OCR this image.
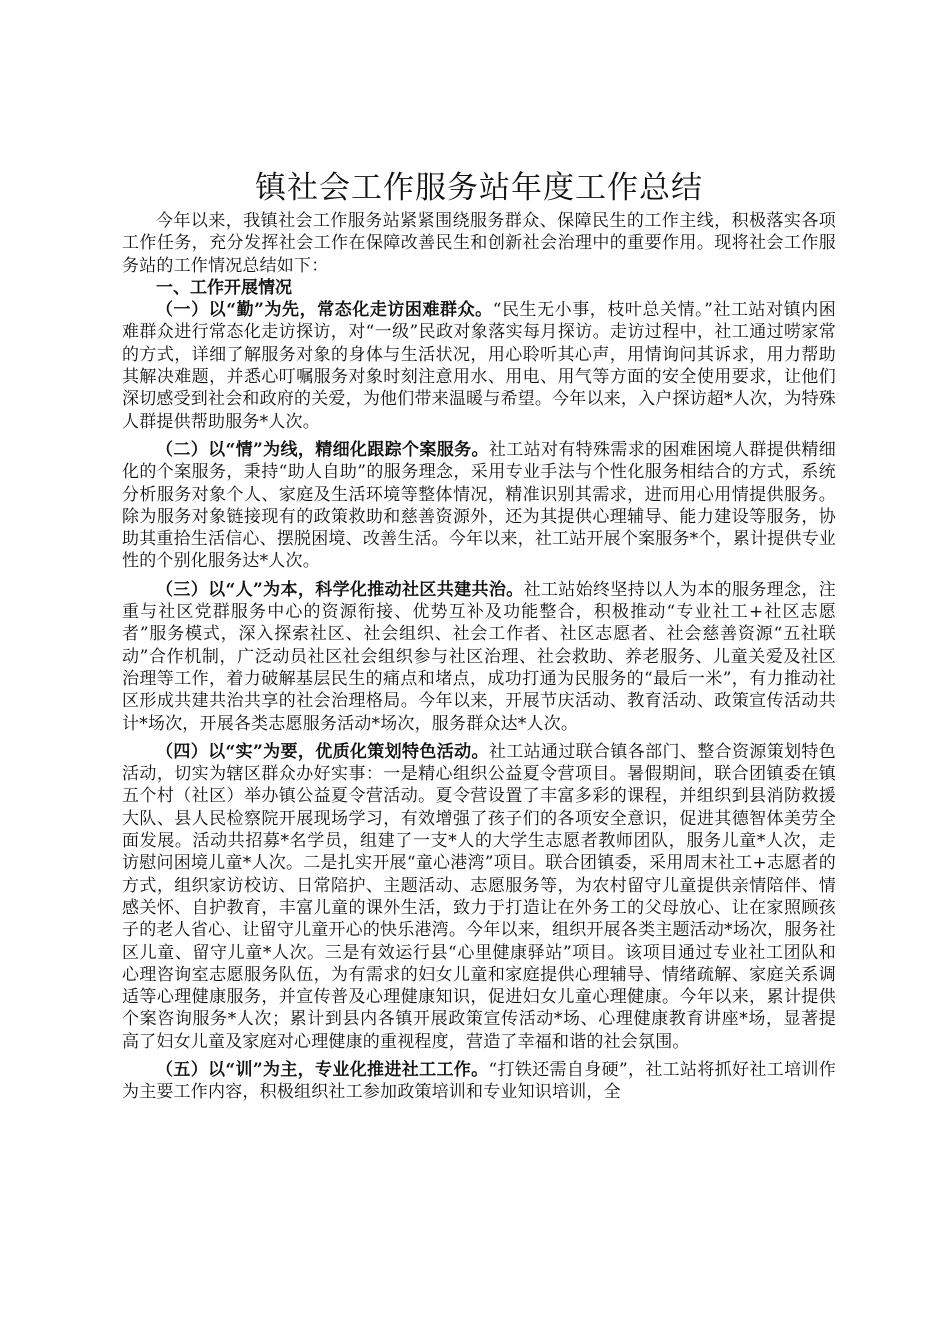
镇社会工作服务站年度工作总结

今年以来，我镇社会工作服务站紧紧围绕服务群众、保障民生的工作主线，积极落实各项工作任务，充分发挥社会工作在保障改善民生和创新社会治理中的重要作用。现将社会工作服务站的工作情况总结如下：

一、工作开展情况

（一）以“勤”为先，常态化走访困难群众。“民生无小事，枝叶总关情。”社工站对镇内困难群众进行常态化走访探访，对“一级”民政对象落实每月探访。走访过程中，社工通过唠家常的方式，详细了解服务对象的身体与生活状况，用心聆听其心声，用情询问其诉求，用力帮助其解决难题，并悉心叮嘱服务对象时刻注意用水、用电、用气等方面的安全使用要求，让他们深切感受到社会和政府的关爱，为他们带来温暖与希望。今年以来，入户探访超*人次，为特殊人群提供帮助服务*人次。

（二）以“情”为线，精细化跟踪个案服务。社工站对有特殊需求的困难困境人群提供精细化的个案服务，秉持“助人自助”的服务理念，采用专业手法与个性化服务相结合的方式，系统分析服务对象个人、家庭及生活环境等整体情况，精准识别其需求，进而用心用情提供服务。除为服务对象链接现有的政策救助和慈善资源外，还为其提供心理辅导、能力建设等服务，协助其重拾生活信心、摆脱困境、改善生活。今年以来，社工站开展个案服务*个，累计提供专业性的个别化服务达*人次。

（三）以“人”为本，科学化推动社区共建共治。社工站始终坚持以人为本的服务理念，注重与社区党群服务中心的资源衔接、优势互补及功能整合，积极推动“专业社工+社区志愿者”服务模式，深入探索社区、社会组织、社会工作者、社区志愿者、社会慈善资源“五社联动”合作机制，广泛动员社区社会组织参与社区治理、社会救助、养老服务、儿童关爱及社区治理等工作，着力破解基层民生的痛点和堵点，成功打通为民服务的“最后一米”，有力推动社区形成共建共治共享的社会治理格局。今年以来，开展节庆活动、教育活动、政策宣传活动共计*场次，开展各类志愿服务活动*场次，服务群众达*人次。

（四）以“实”为要，优质化策划特色活动。社工站通过联合镇各部门、整合资源策划特色活动，切实为辖区群众办好实事：一是精心组织公益夏令营项目。暑假期间，联合团镇委在镇五个村（社区）举办镇公益夏令营活动。夏令营设置了丰富多彩的课程，并组织到县消防救援大队、县人民检察院开展现场学习，有效增强了孩子们的各项安全意识，促进其德智体美劳全面发展。活动共招募*名学员，组建了一支*人的大学生志愿者教师团队，服务儿童*人次，走访慰问困境儿童*人次。二是扎实开展“童心港湾”项目。联合团镇委，采用周末社工+志愿者的方式，组织家访校访、日常陪护、主题活动、志愿服务等，为农村留守儿童提供亲情陪伴、情感关怀、自护教育，丰富儿童的课外生活，致力于打造让在外务工的父母放心、让在家照顾孩子的老人省心、让留守儿童开心的快乐港湾。今年以来，组织开展各类主题活动*场次，服务社区儿童、留守儿童*人次。三是有效运行县“心里健康驿站”项目。该项目通过专业社工团队和心理咨询室志愿服务队伍，为有需求的妇女儿童和家庭提供心理辅导、情绪疏解、家庭关系调适等心理健康服务，并宣传普及心理健康知识，促进妇女儿童心理健康。今年以来，累计提供个案咨询服务*人次；累计到县内各镇开展政策宣传活动*场、心理健康教育讲座*场，显著提高了妇女儿童及家庭对心理健康的重视程度，营造了幸福和谐的社会氛围。

（五）以“训”为主，专业化推进社工工作。“打铁还需自身硬”，社工站将抓好社工培训作为主要工作内容，积极组织社工参加政策培训和专业知识培训，全
